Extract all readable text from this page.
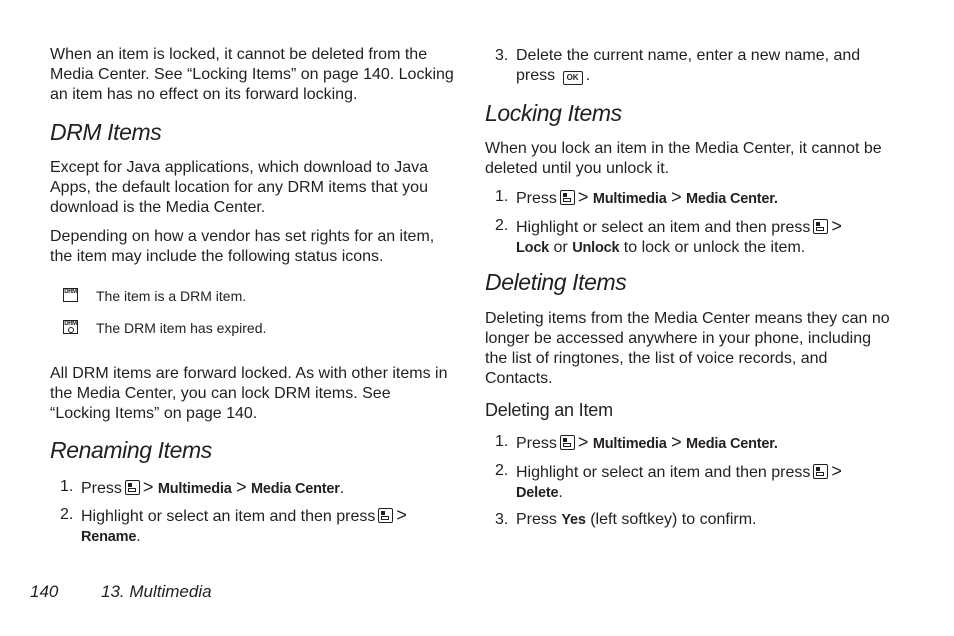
When an item is locked, it cannot be deleted from the Media Center. See “Locking Items” on page 140. Locking an item has no effect on its forward locking.

DRM Items

Except for Java applications, which download to Java Apps, the default location for any DRM items that you download is the Media Center.

Depending on how a vendor has set rights for an item, the item may include the following status icons.

DRM The item is a DRM item.
DRM The DRM item has expired.

All DRM items are forward locked. As with other items in the Media Center, you can lock DRM items. See “Locking Items” on page 140.

Renaming Items
1. Press > Multimedia > Media Center.
2. Highlight or select an item and then press >
Rename.
3. Delete the current name, enter a new name, and press OK .
Locking Items

When you lock an item in the Media Center, it cannot be deleted until you unlock it.

1. Press > Multimedia > Media Center.
2. Highlight or select an item and then press >
Lock or Unlock to lock or unlock the item.
Deleting Items

Deleting items from the Media Center means they can no longer be accessed anywhere in your phone, including the list of ringtones, the list of voice records, and Contacts.

Deleting an Item
1. Press > Multimedia > Media Center.
2. Highlight or select an item and then press >
Delete.
3. Press Yes (left softkey) to confirm.
140	13. Multimedia
